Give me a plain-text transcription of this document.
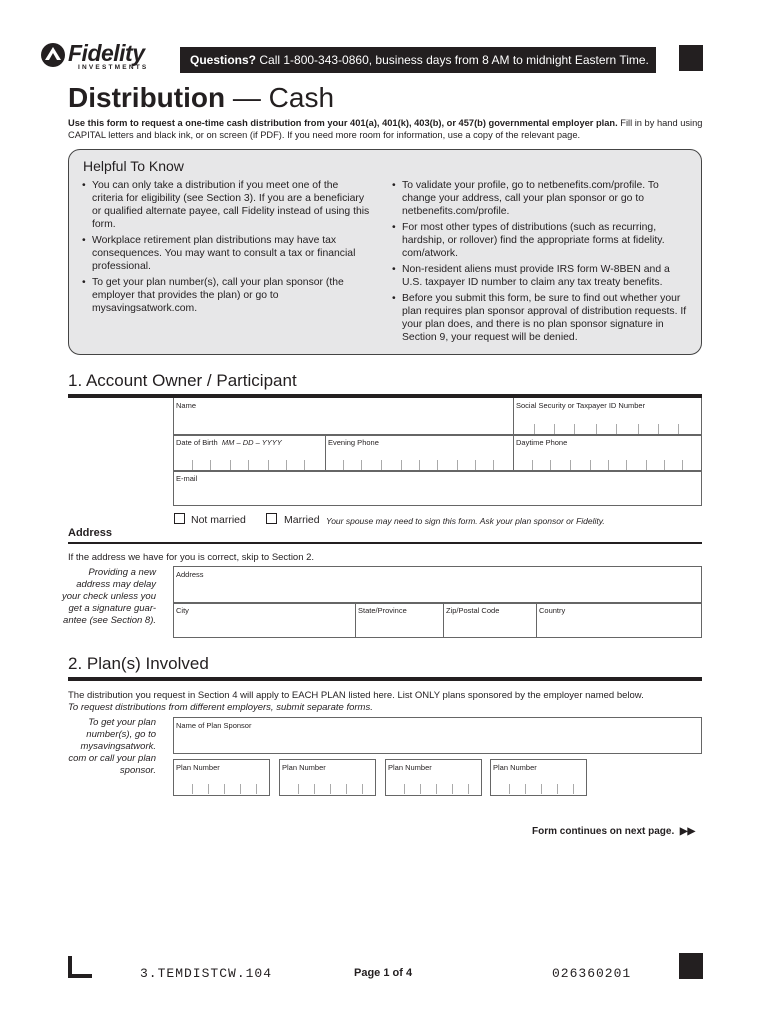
Fidelity
INVESTMENTS
Questions? Call 1-800-343-0860, business days from 8 AM to midnight Eastern Time.
Distribution — Cash
Use this form to request a one-time cash distribution from your 401(a), 401(k), 403(b), or 457(b) governmental employer plan. Fill in by hand using CAPITAL letters and black ink, or on screen (if PDF). If you need more room for information, use a copy of the relevant page.
Helpful To Know
• You can only take a distribution if you meet one of the criteria for eligibility (see Section 3). If you are a beneficiary or qualified alternate payee, call Fidelity instead of using this form.
• Workplace retirement plan distributions may have tax consequences. You may want to consult a tax or financial professional.
• To get your plan number(s), call your plan sponsor (the employer that provides the plan) or go to mysavingsatwork.com.
• To validate your profile, go to netbenefits.com/profile. To change your address, call your plan sponsor or go to netbenefits.com/profile.
• For most other types of distributions (such as recurring, hardship, or rollover) find the appropriate forms at fidelity. com/atwork.
• Non-resident aliens must provide IRS form W-8BEN and a U.S. taxpayer ID number to claim any tax treaty benefits.
• Before you submit this form, be sure to find out whether your plan requires plan sponsor approval of distribution requests. If your plan does, and there is no plan sponsor signature in Section 9, your request will be denied.
1. Account Owner / Participant
Name	Social Security or Taxpayer ID Number
Date of Birth MM – DD – YYYY	Evening Phone	Daytime Phone
E-mail
Not married	Married Your spouse may need to sign this form. Ask your plan sponsor or Fidelity.
Address
If the address we have for you is correct, skip to Section 2.
Providing a new address may delay your check unless you get a signature guar- antee (see Section 8).
Address
City	State/Province	Zip/Postal Code	Country
2. Plan(s) Involved
The distribution you request in Section 4 will apply to EACH PLAN listed here. List ONLY plans sponsored by the employer named below.
To request distributions from different employers, submit separate forms.
To get your plan number(s), go to mysavingsatwork. com or call your plan sponsor.
Name of Plan Sponsor
Plan Number	Plan Number	Plan Number	Plan Number
Form continues on next page. ▶▶
3.TEMDISTCW.104	Page 1 of 4	026360201
